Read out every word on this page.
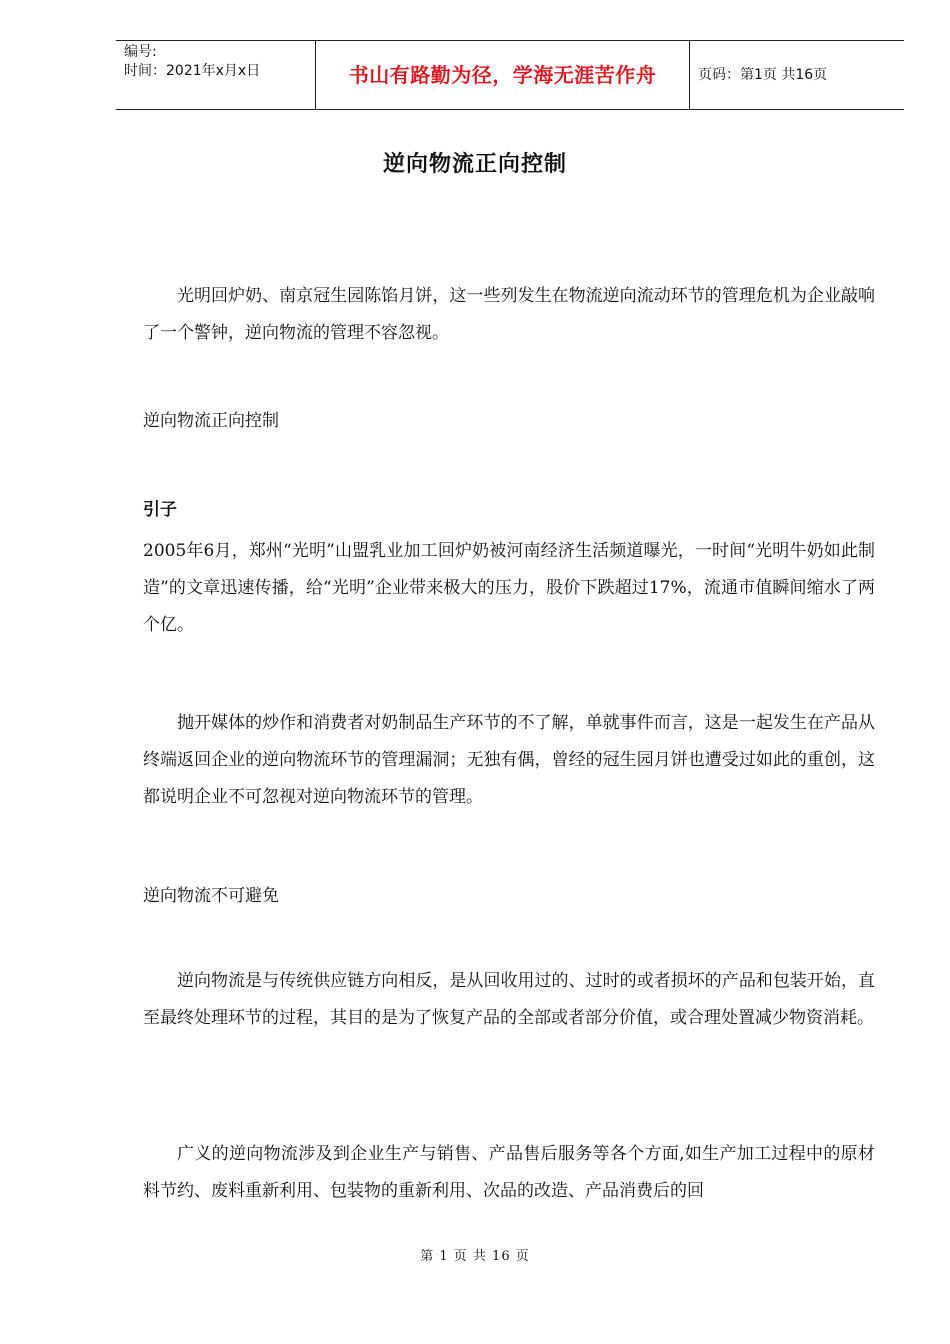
编号:
时间：2021年x月x日	书山有路勤为径，学海无涯苦作舟	页码：第1页 共16页
逆向物流正向控制

光明回炉奶、南京冠生园陈馅月饼，这一些列发生在物流逆向流动环节的管理危机为企业敲响了一个警钟，逆向物流的管理不容忽视。

逆向物流正向控制

引子

2005年6月，郑州“光明”山盟乳业加工回炉奶被河南经济生活频道曝光，一时间“光明牛奶如此制造”的文章迅速传播，给“光明”企业带来极大的压力，股价下跌超过17%，流通市值瞬间缩水了两个亿。

抛开媒体的炒作和消费者对奶制品生产环节的不了解，单就事件而言，这是一起发生在产品从终端返回企业的逆向物流环节的管理漏洞；无独有偶，曾经的冠生园月饼也遭受过如此的重创，这都说明企业不可忽视对逆向物流环节的管理。

逆向物流不可避免

逆向物流是与传统供应链方向相反，是从回收用过的、过时的或者损坏的产品和包装开始，直至最终处理环节的过程，其目的是为了恢复产品的全部或者部分价值，或合理处置减少物资消耗。

广义的逆向物流涉及到企业生产与销售、产品售后服务等各个方面,如生产加工过程中的原材料节约、废料重新利用、包装物的重新利用、次品的改造、产品消费后的回

第 1 页 共 16 页
